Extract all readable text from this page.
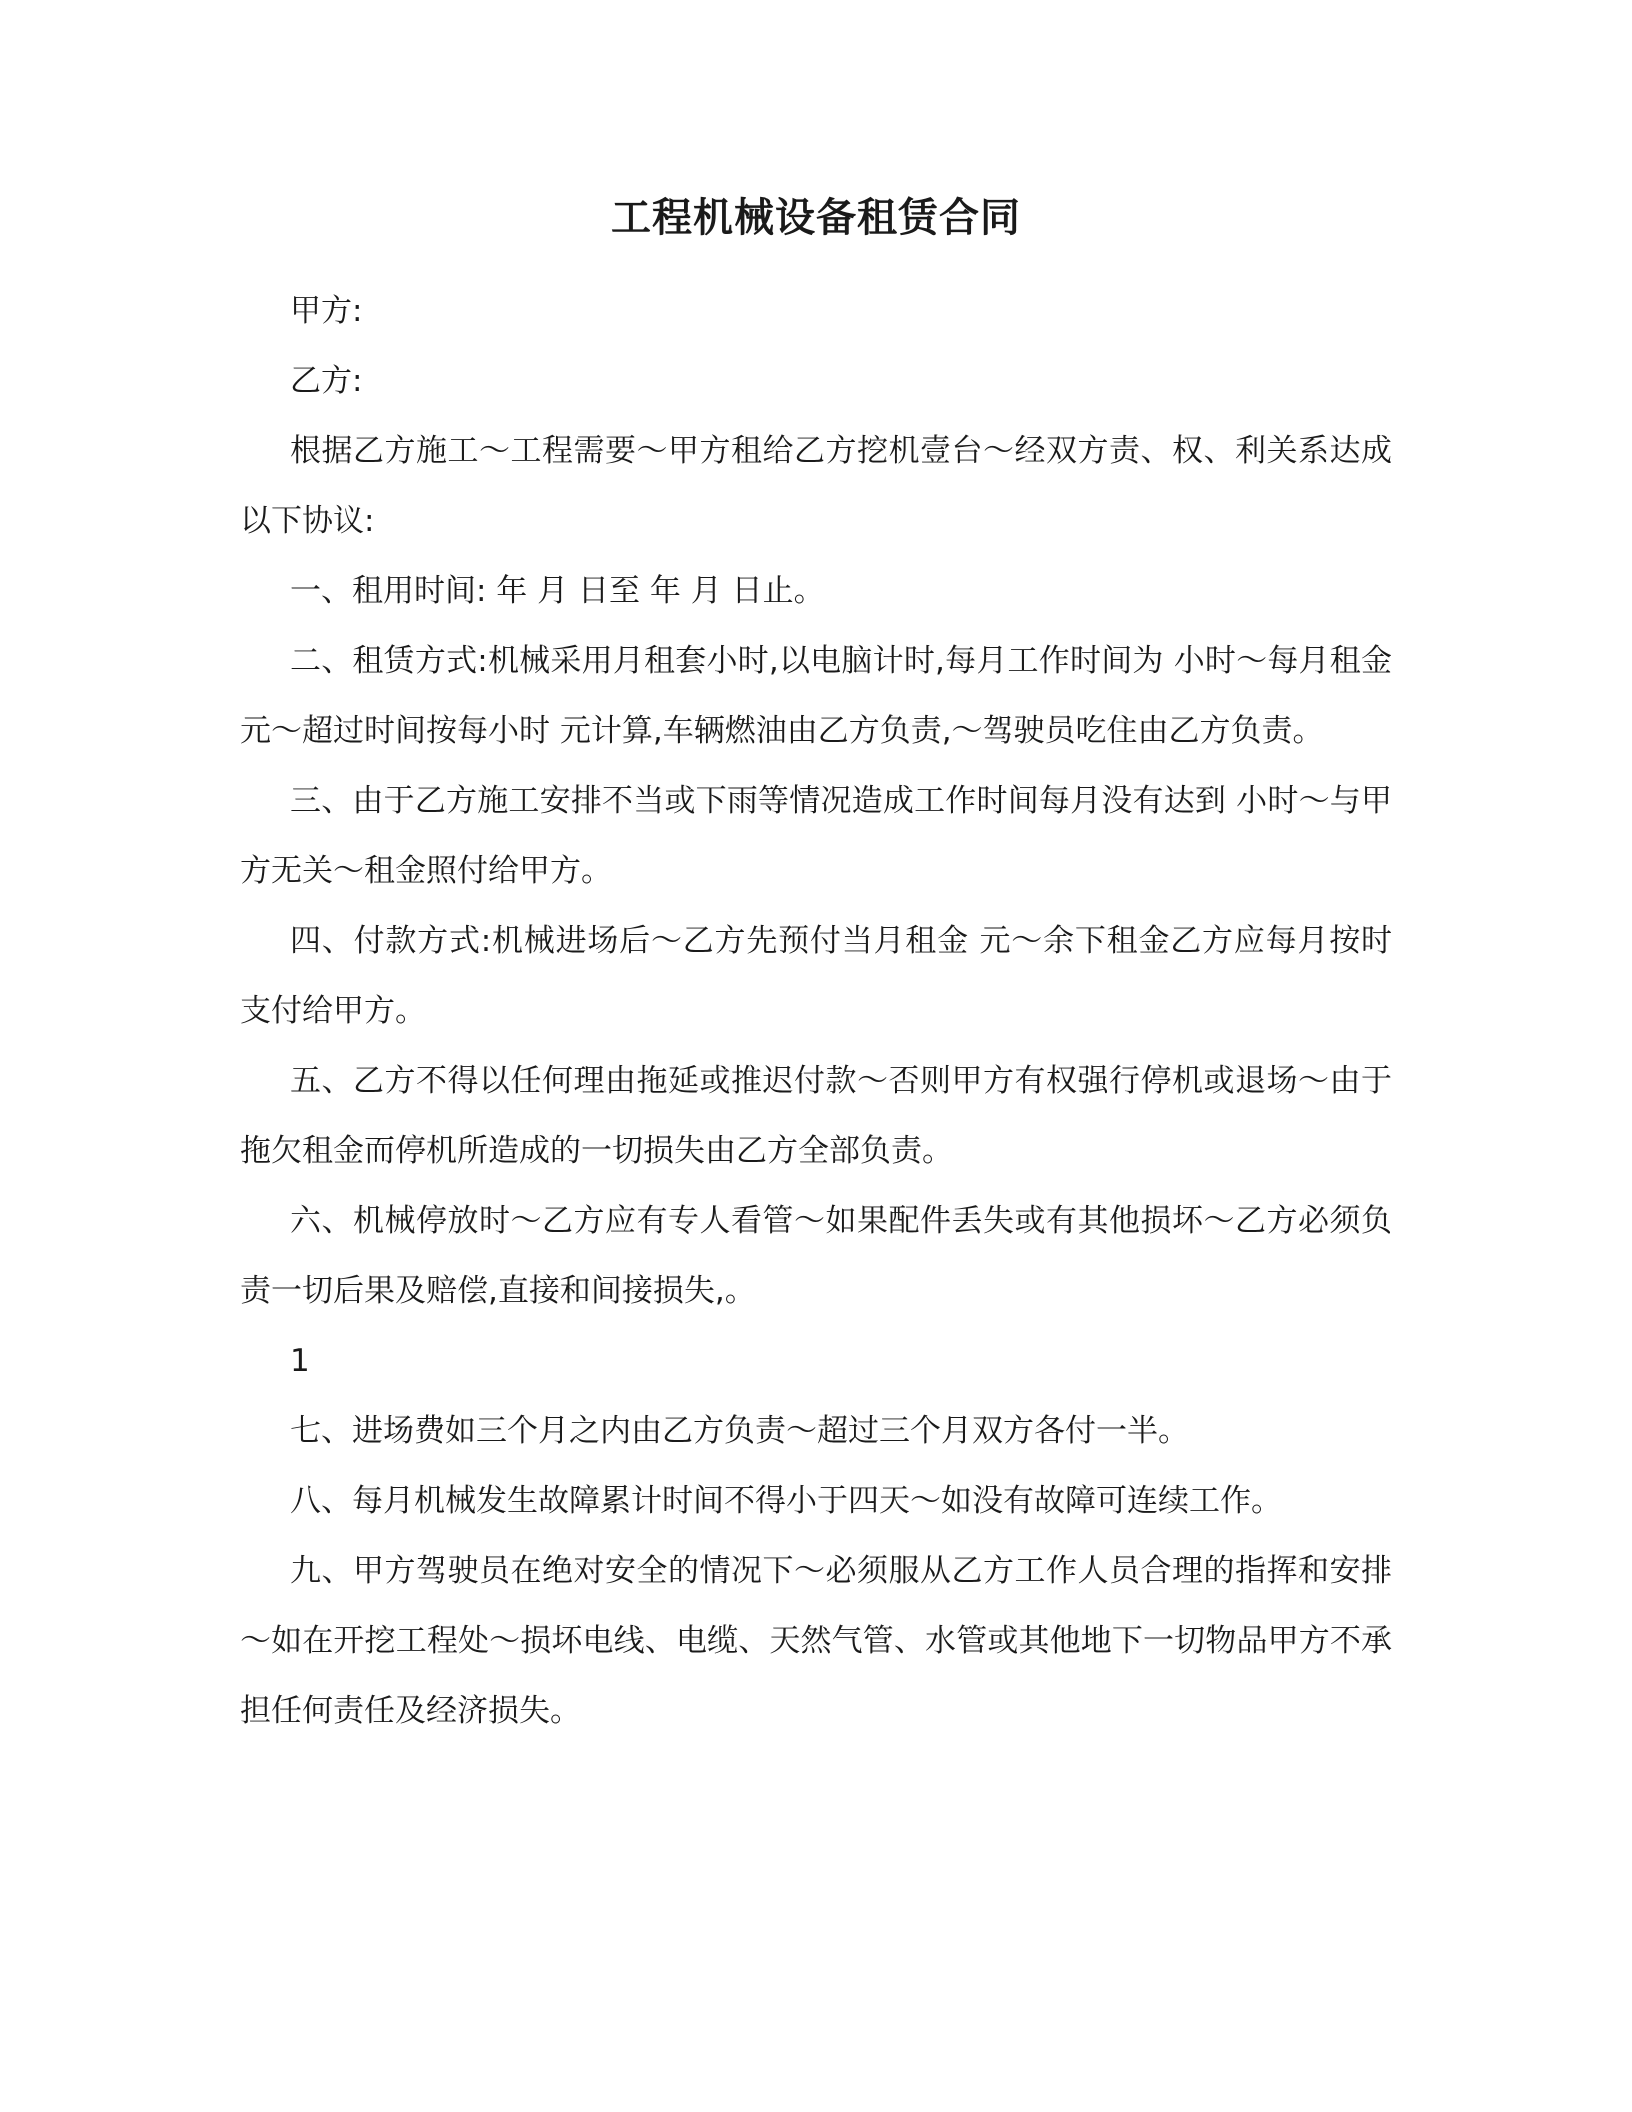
工程机械设备租赁合同

甲方:

乙方:

根据乙方施工～工程需要～甲方租给乙方挖机壹台～经双方责、权、利关系达成以下协议:

一、租用时间: 年 月 日至 年 月 日止。

二、租赁方式:机械采用月租套小时,以电脑计时,每月工作时间为 小时～每月租金 元～超过时间按每小时 元计算,车辆燃油由乙方负责,～驾驶员吃住由乙方负责。

三、由于乙方施工安排不当或下雨等情况造成工作时间每月没有达到 小时～与甲方无关～租金照付给甲方。

四、付款方式:机械进场后～乙方先预付当月租金 元～余下租金乙方应每月按时支付给甲方。

五、乙方不得以任何理由拖延或推迟付款～否则甲方有权强行停机或退场～由于拖欠租金而停机所造成的一切损失由乙方全部负责。

六、机械停放时～乙方应有专人看管～如果配件丢失或有其他损坏～乙方必须负责一切后果及赔偿,直接和间接损失,。

1

七、进场费如三个月之内由乙方负责～超过三个月双方各付一半。

八、每月机械发生故障累计时间不得小于四天～如没有故障可连续工作。

九、甲方驾驶员在绝对安全的情况下～必须服从乙方工作人员合理的指挥和安排～如在开挖工程处～损坏电线、电缆、天然气管、水管或其他地下一切物品甲方不承担任何责任及经济损失。
